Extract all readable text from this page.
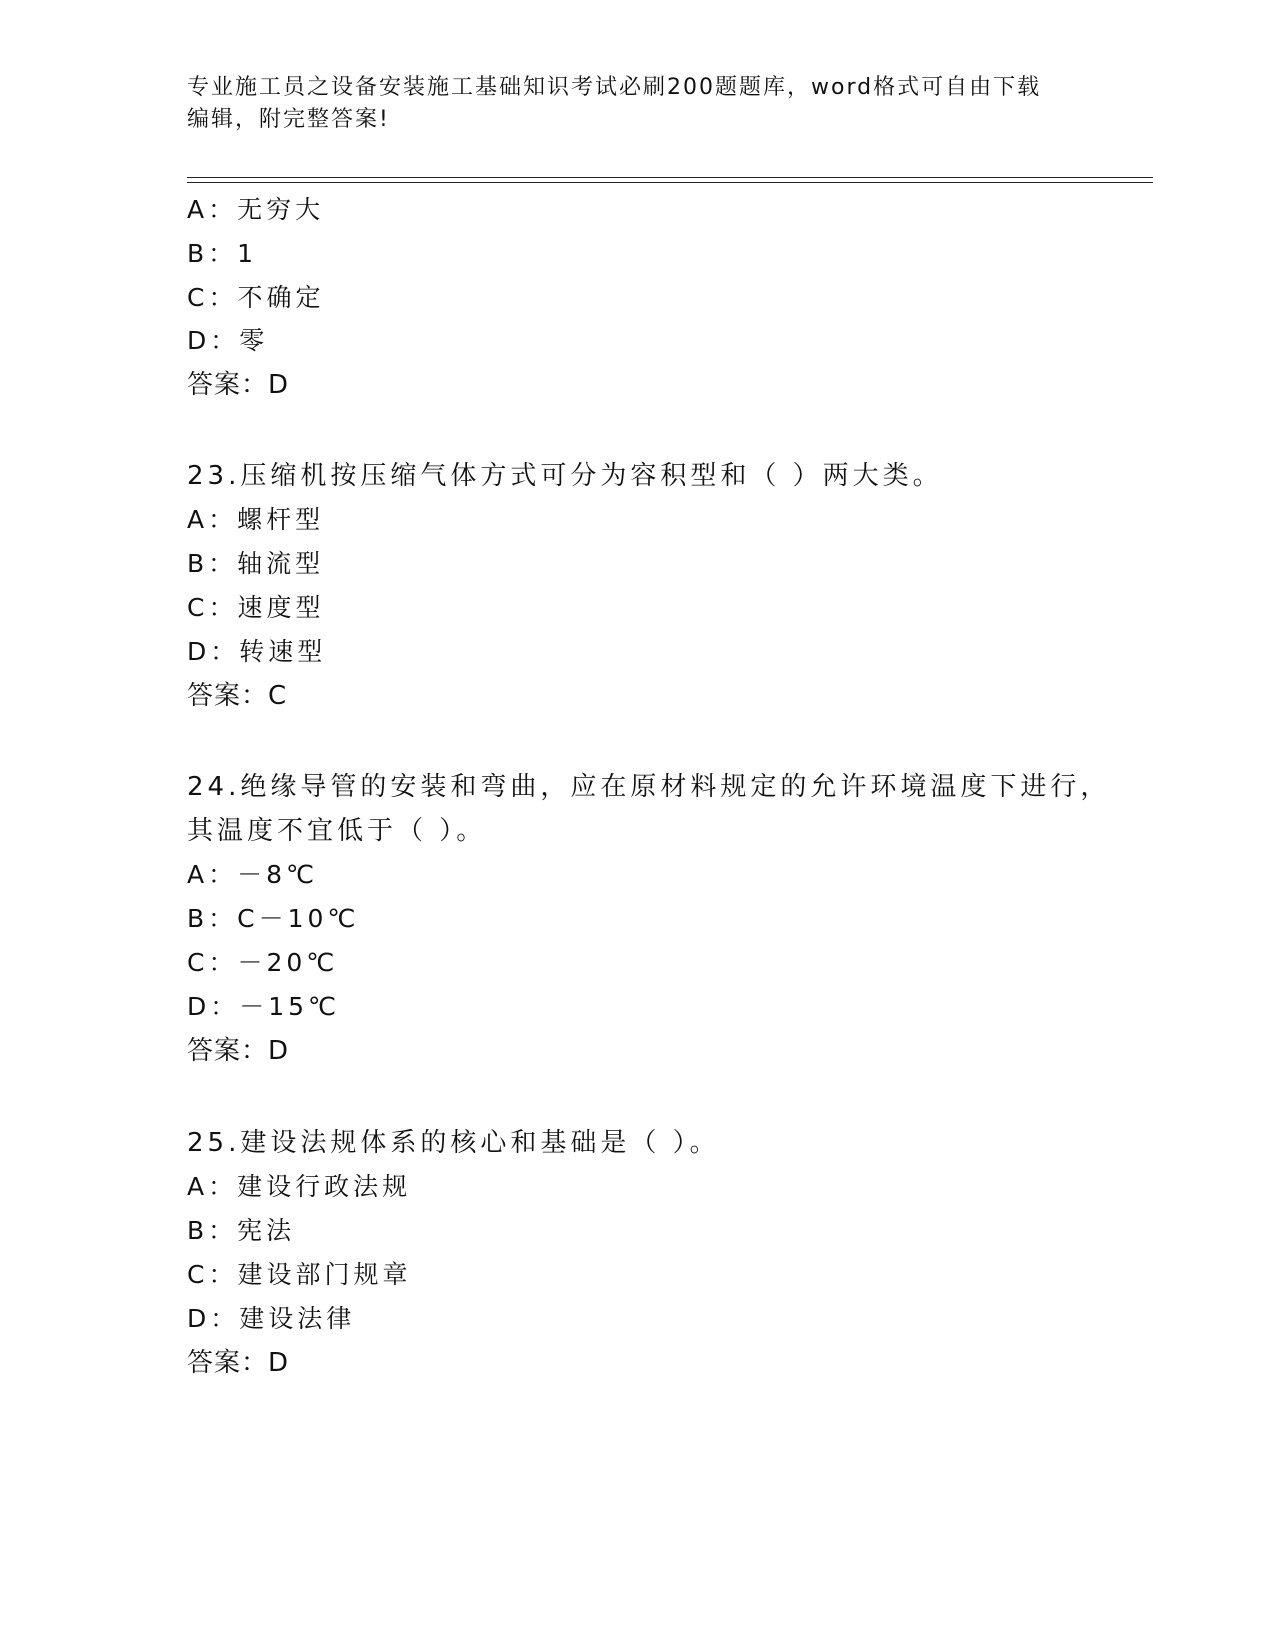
专业施工员之设备安装施工基础知识考试必刷200题题库，word格式可自由下载
编辑，附完整答案!
A：无穷大
B：1
C：不确定
D：零
答案：D
23.压缩机按压缩气体方式可分为容积型和（ ）两大类。
A：螺杆型
B：轴流型
C：速度型
D：转速型
答案：C
24.绝缘导管的安装和弯曲，应在原材料规定的允许环境温度下进行，
其温度不宜低于（ ）。
A：－8℃
B：C－10℃
C：－20℃
D：－15℃
答案：D
25.建设法规体系的核心和基础是（ ）。
A：建设行政法规
B：宪法
C：建设部门规章
D：建设法律
答案：D
